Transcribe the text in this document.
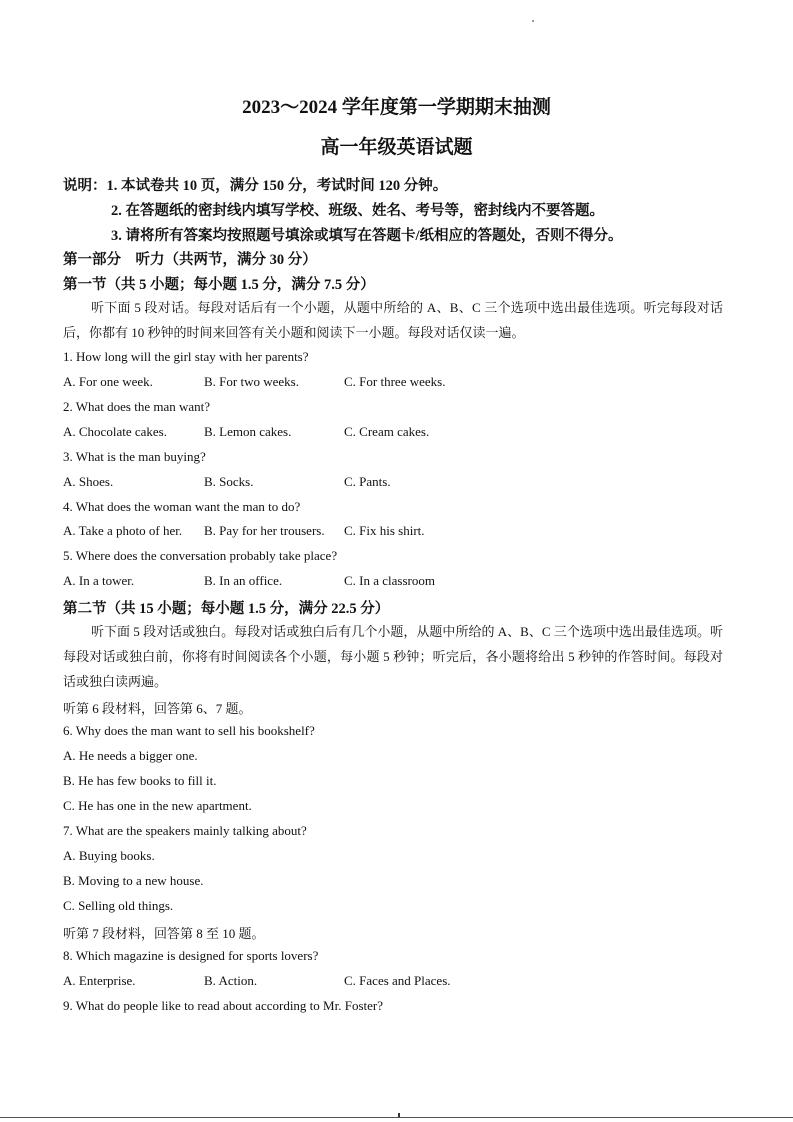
2023～2024 学年度第一学期期末抽测
高一年级英语试题
说明：1. 本试卷共 10 页，满分 150 分，考试时间 120 分钟。
2. 在答题纸的密封线内填写学校、班级、姓名、考号等，密封线内不要答题。
3. 请将所有答案均按照题号填涂或填写在答题卡/纸相应的答题处，否则不得分。
第一部分　听力（共两节，满分 30 分）
第一节（共 5 小题；每小题 1.5 分，满分 7.5 分）
听下面 5 段对话。每段对话后有一个小题，从题中所给的 A、B、C 三个选项中选出最佳选项。听完每段对话后，你都有 10 秒钟的时间来回答有关小题和阅读下一小题。每段对话仅读一遍。
1. How long will the girl stay with her parents?
A. For one week.	B. For two weeks.	C. For three weeks.
2. What does the man want?
A. Chocolate cakes.	B. Lemon cakes.	C. Cream cakes.
3. What is the man buying?
A. Shoes.	B. Socks.	C. Pants.
4. What does the woman want the man to do?
A. Take a photo of her. B. Pay for her trousers. C. Fix his shirt.
5. Where does the conversation probably take place?
A. In a tower.	B. In an office.	C. In a classroom
第二节（共 15 小题；每小题 1.5 分，满分 22.5 分）
听下面 5 段对话或独白。每段对话或独白后有几个小题，从题中所给的 A、B、C 三个选项中选出最佳选项。听每段对话或独白前，你将有时间阅读各个小题，每小题 5 秒钟；听完后，各小题将给出 5 秒钟的作答时间。每段对话或独白读两遍。
听第 6 段材料，回答第 6、7 题。
6. Why does the man want to sell his bookshelf?
A. He needs a bigger one.
B. He has few books to fill it.
C. He has one in the new apartment.
7. What are the speakers mainly talking about?
A. Buying books.
B. Moving to a new house.
C. Selling old things.
听第 7 段材料，回答第 8 至 10 题。
8. Which magazine is designed for sports lovers?
A. Enterprise.	B. Action.	C. Faces and Places.
9. What do people like to read about according to Mr. Foster?
